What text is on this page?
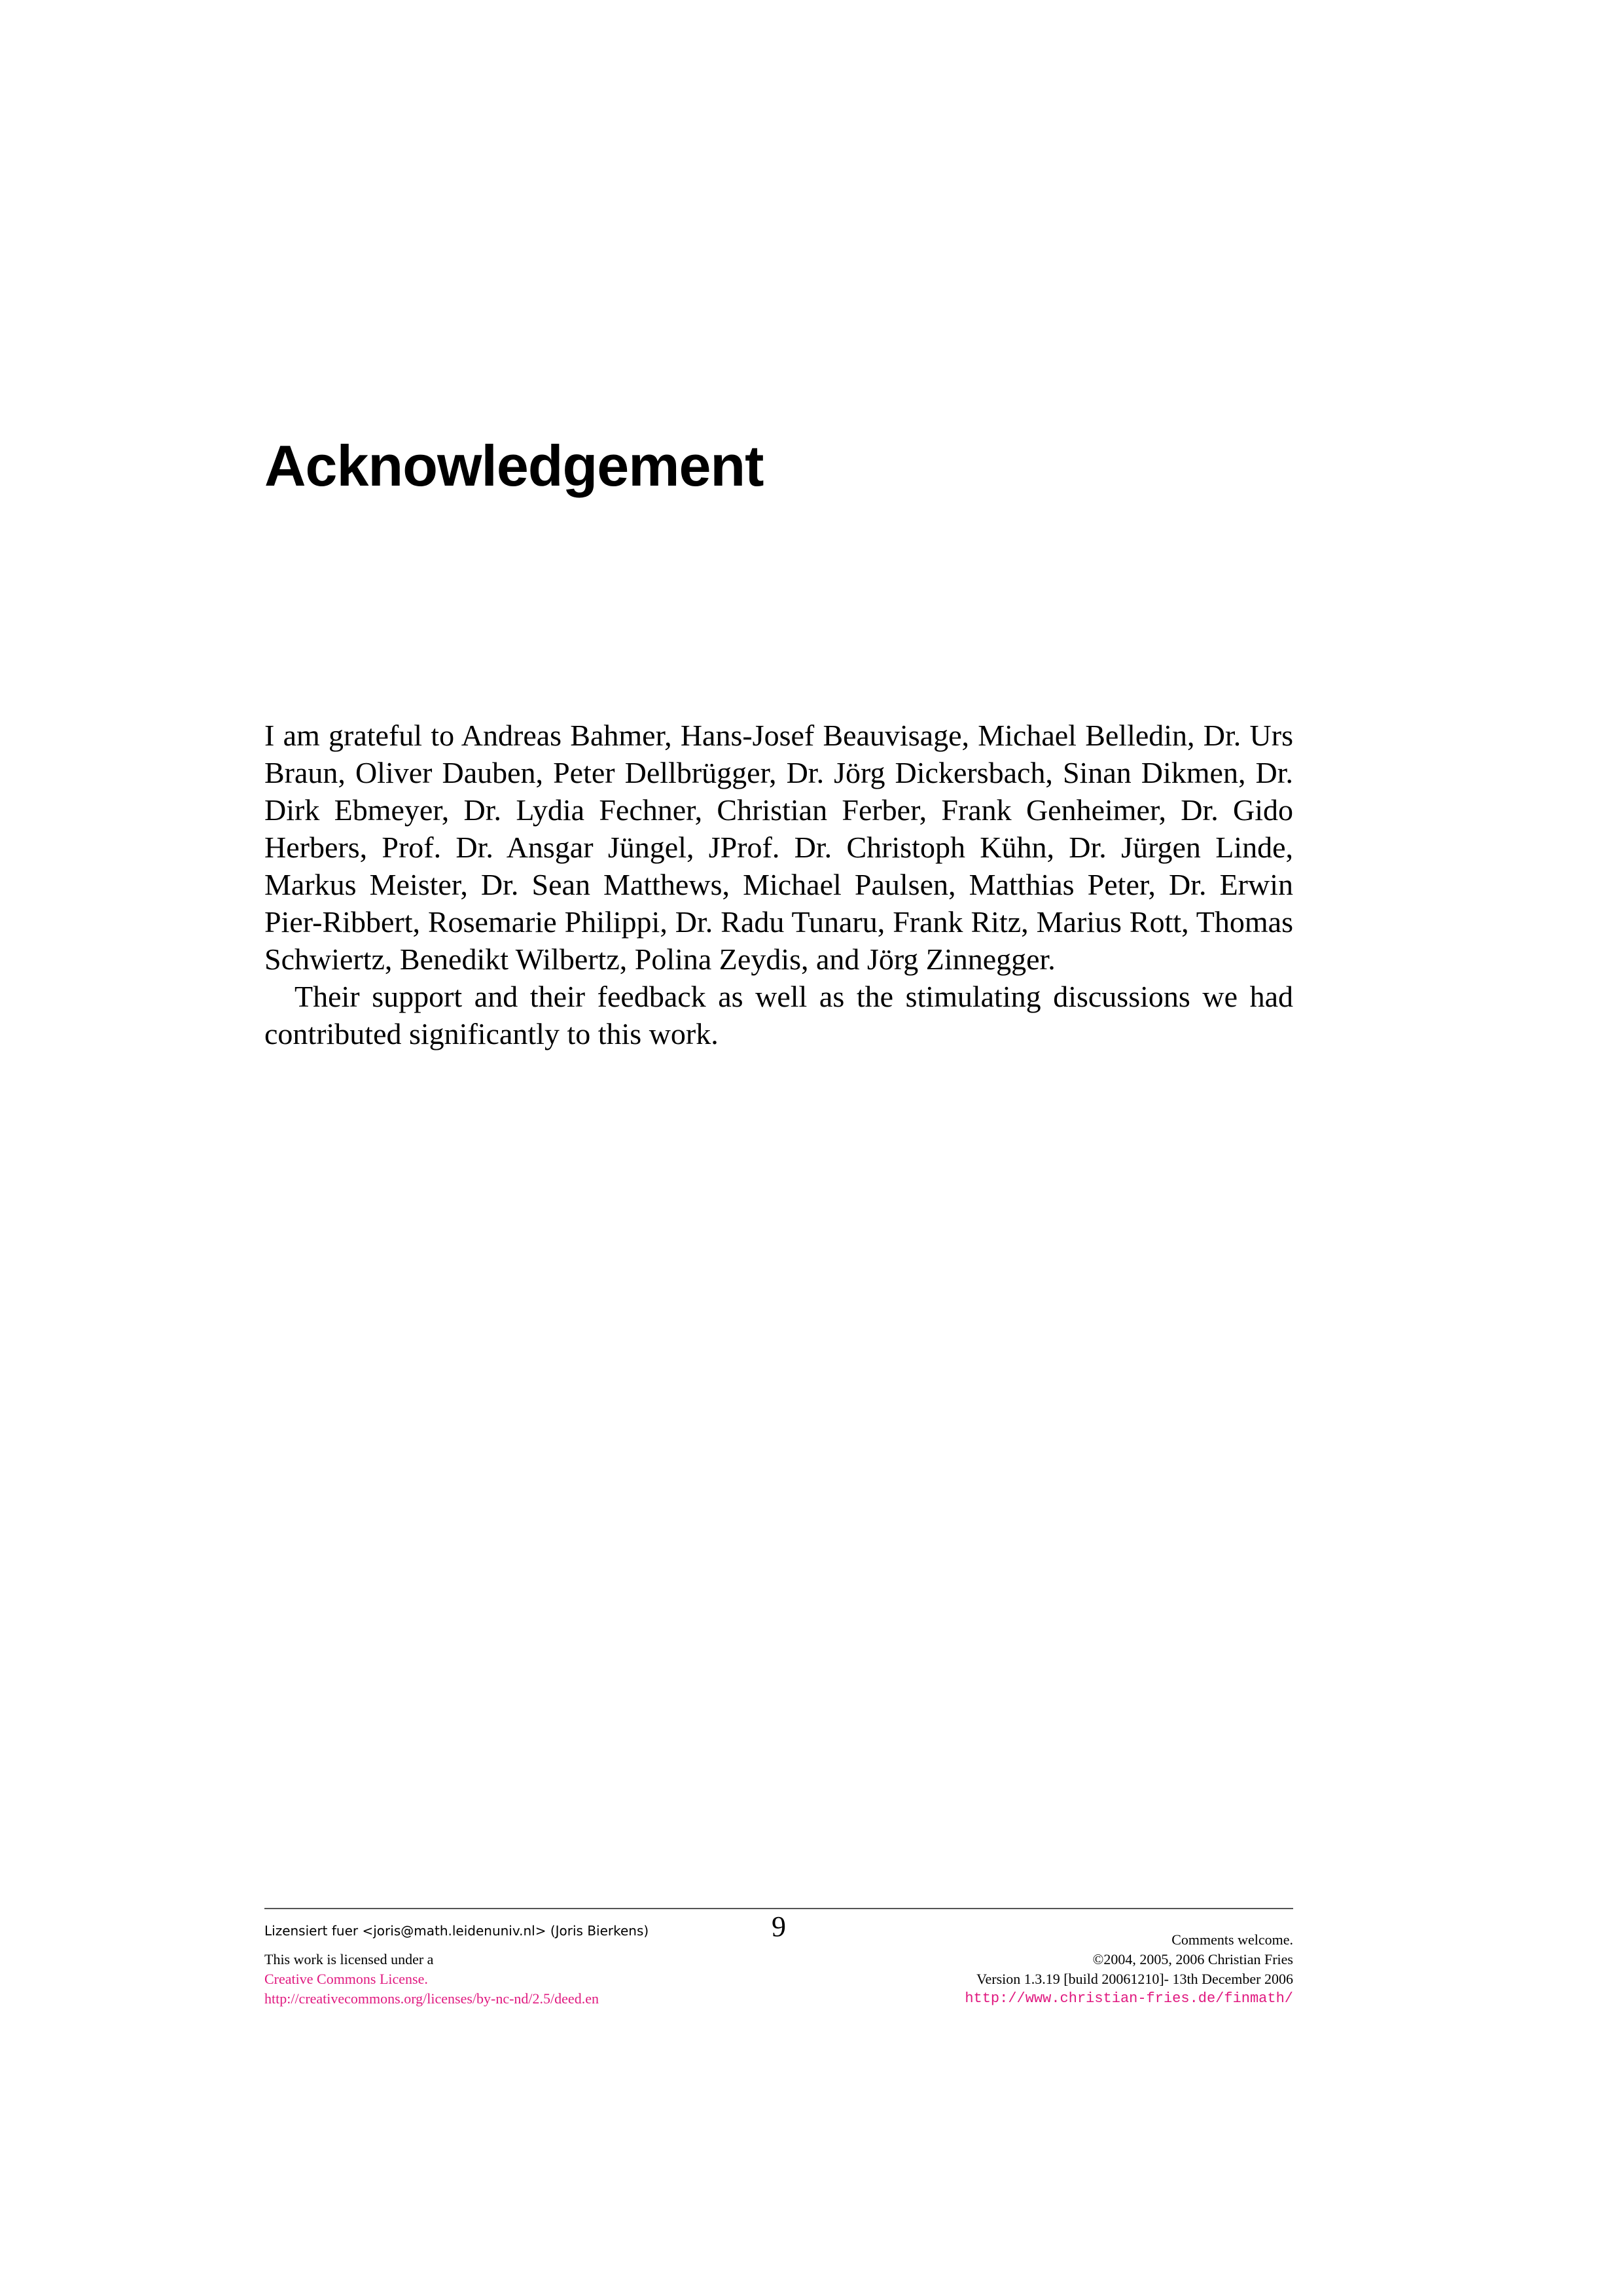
Acknowledgement

I am grateful to Andreas Bahmer, Hans-Josef Beauvisage, Michael Belledin, Dr. Urs Braun, Oliver Dauben, Peter Dellbrügger, Dr. Jörg Dickersbach, Sinan Dikmen, Dr. Dirk Ebmeyer, Dr. Lydia Fechner, Christian Ferber, Frank Genheimer, Dr. Gido Herbers, Prof. Dr. Ansgar Jüngel, JProf. Dr. Christoph Kühn, Dr. Jürgen Linde, Markus Meister, Dr. Sean Matthews, Michael Paulsen, Matthias Peter, Dr. Erwin Pier-Ribbert, Rosemarie Philippi, Dr. Radu Tunaru, Frank Ritz, Marius Rott, Thomas Schwiertz, Benedikt Wilbertz, Polina Zeydis, and Jörg Zinnegger.

Their support and their feedback as well as the stimulating discussions we had contributed significantly to this work.

Lizensiert fuer <joris@math.leidenuniv.nl> (Joris Bierkens)
This work is licensed under a
Creative Commons License.
http://creativecommons.org/licenses/by-nc-nd/2.5/deed.en
9	Comments welcome.
©2004, 2005, 2006 Christian Fries
Version 1.3.19 [build 20061210]- 13th December 2006
http://www.christian-fries.de/finmath/
